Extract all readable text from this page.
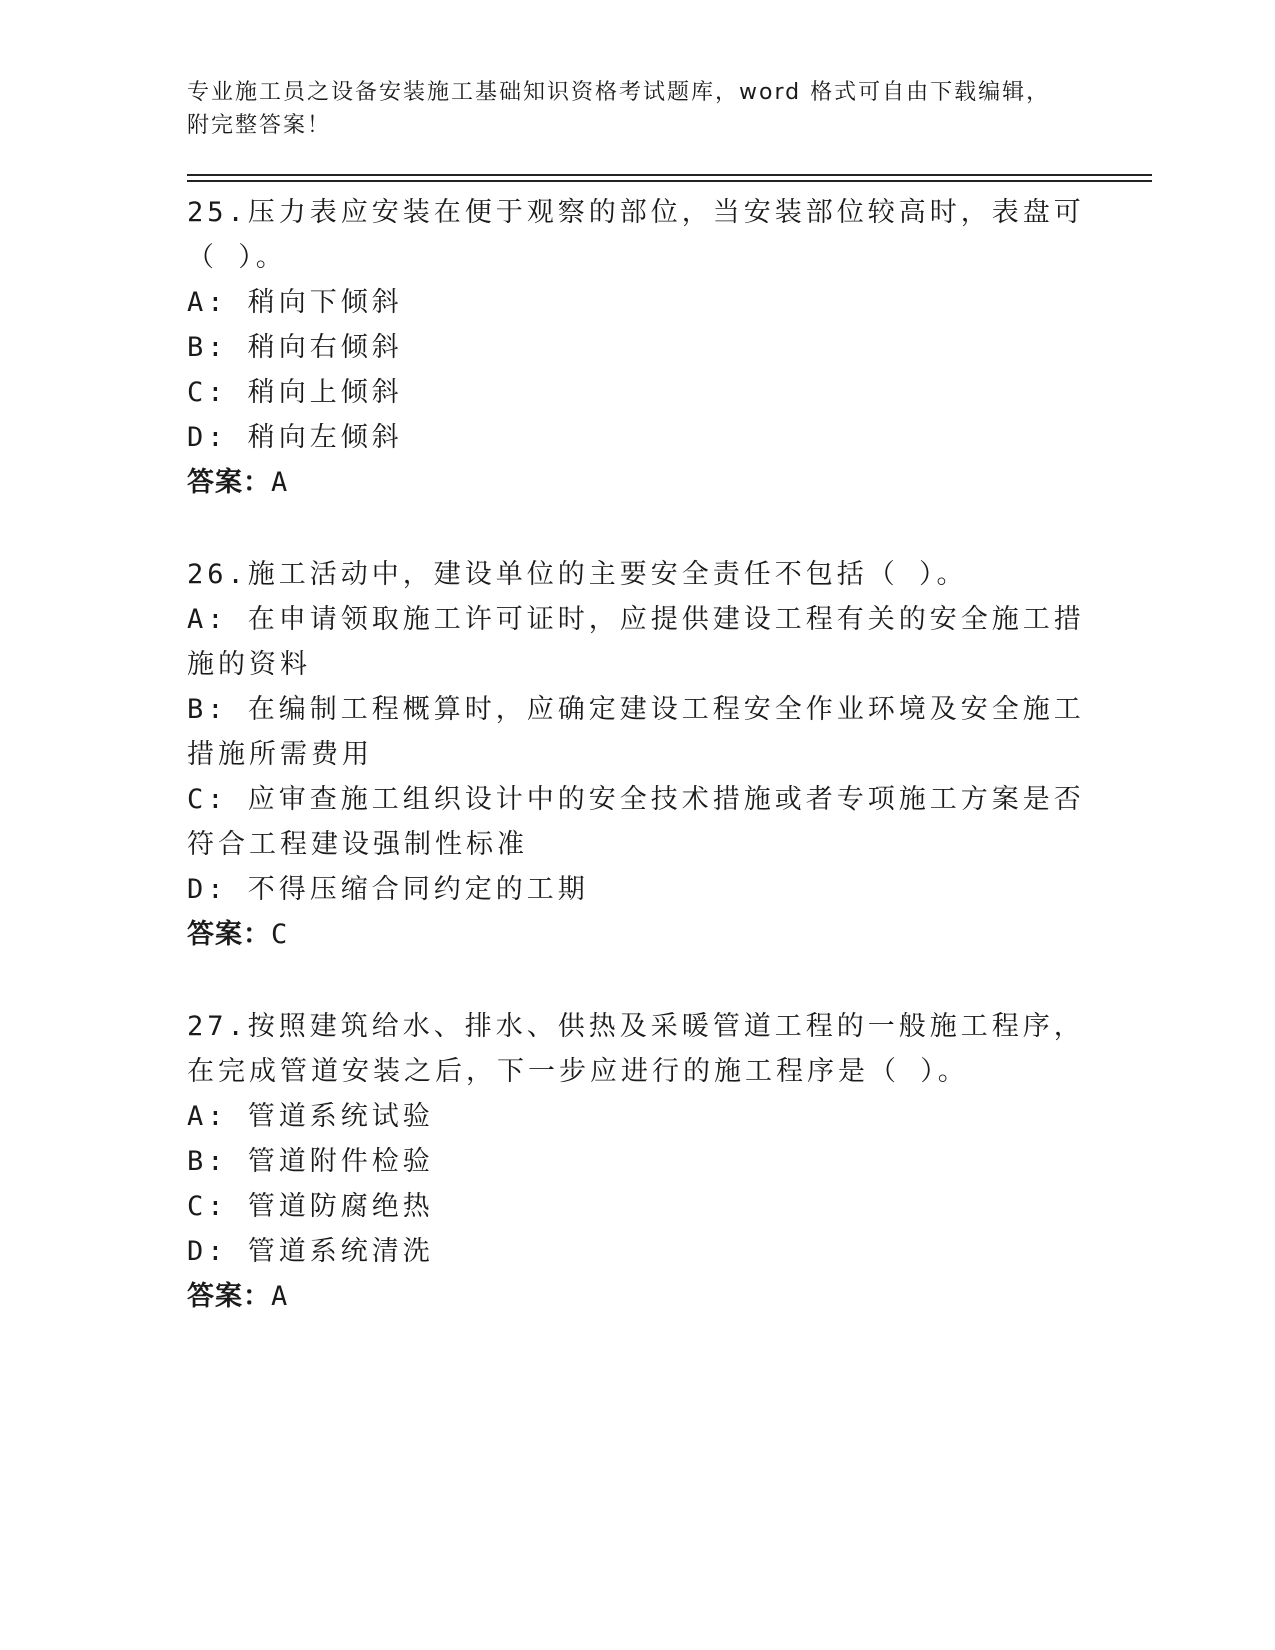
专业施工员之设备安装施工基础知识资格考试题库，word 格式可自由下载编辑，
附完整答案！

25.压力表应安装在便于观察的部位，当安装部位较高时，表盘可（ ）。

A: 稍向下倾斜

B: 稍向右倾斜

C: 稍向上倾斜

D: 稍向左倾斜

答案：A

26.施工活动中，建设单位的主要安全责任不包括（ ）。

A: 在申请领取施工许可证时，应提供建设工程有关的安全施工措施的资料

B: 在编制工程概算时，应确定建设工程安全作业环境及安全施工措施所需费用

C: 应审查施工组织设计中的安全技术措施或者专项施工方案是否符合工程建设强制性标准

D: 不得压缩合同约定的工期

答案：C

27.按照建筑给水、排水、供热及采暖管道工程的一般施工程序，在完成管道安装之后，下一步应进行的施工程序是（ ）。

A: 管道系统试验

B: 管道附件检验

C: 管道防腐绝热

D: 管道系统清洗

答案：A
